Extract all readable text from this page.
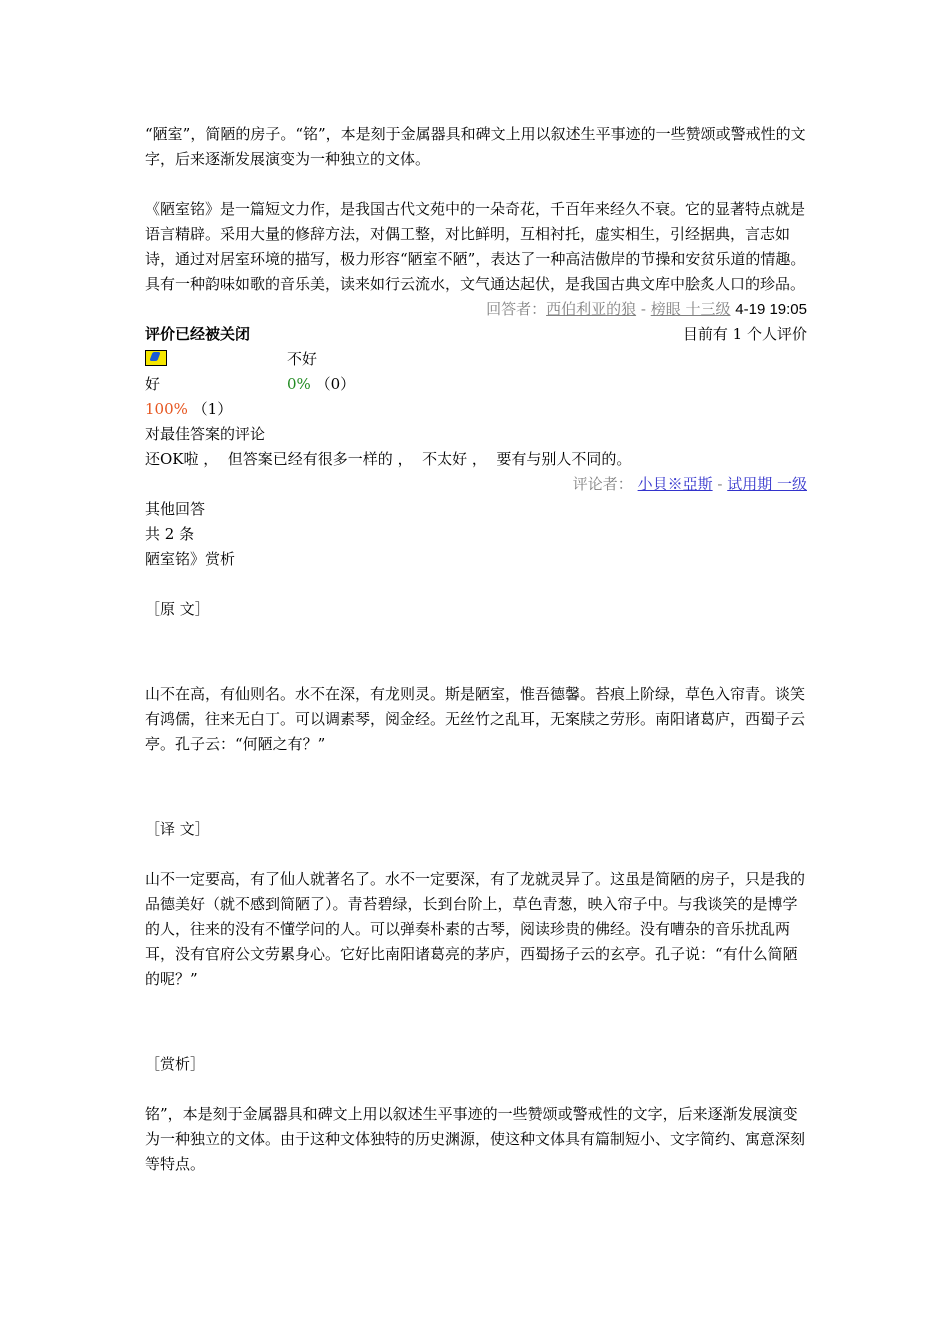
“陋室”，简陋的房子。“铭”，本是刻于金属器具和碑文上用以叙述生平事迹的一些赞颂或警戒性的文字，后来逐渐发展演变为一种独立的文体。

《陋室铭》是一篇短文力作，是我国古代文苑中的一朵奇花，千百年来经久不衰。它的显著特点就是语言精辟。采用大量的修辞方法，对偶工整，对比鲜明，互相衬托，虚实相生，引经据典，言志如诗，通过对居室环境的描写，极力形容“陋室不陋”，表达了一种高洁傲岸的节操和安贫乐道的情趣。具有一种韵味如歌的音乐美，读来如行云流水，文气通达起伏，是我国古典文库中脍炙人口的珍品。

回答者：西伯利亚的狼 - 榜眼 十三级 4-19 19:05
评价已经被关闭	目前有 1 个人评价
不好
好	0% （0）
100% （1）

对最佳答案的评论

还OK啦 ，  但答案已经有很多一样的 ，  不太好 ，  要有与别人不同的。

评论者： 小貝※亞斯 - 试用期 一级

其他回答

共 2 条

陋室铭》赏析

［原 文］

山不在高，有仙则名。水不在深，有龙则灵。斯是陋室，惟吾德馨。苔痕上阶绿，草色入帘青。谈笑有鸿儒，往来无白丁。可以调素琴，阅金经。无丝竹之乱耳，无案牍之劳形。南阳诸葛庐，西蜀子云亭。孔子云：“何陋之有？”

［译 文］

山不一定要高，有了仙人就著名了。水不一定要深，有了龙就灵异了。这虽是简陋的房子，只是我的品德美好（就不感到简陋了）。青苔碧绿，长到台阶上，草色青葱，映入帘子中。与我谈笑的是博学的人，往来的没有不懂学问的人。可以弹奏朴素的古琴，阅读珍贵的佛经。没有嘈杂的音乐扰乱两耳，没有官府公文劳累身心。它好比南阳诸葛亮的茅庐，西蜀扬子云的玄亭。孔子说：“有什么简陋的呢？”

［赏析］

铭”，本是刻于金属器具和碑文上用以叙述生平事迹的一些赞颂或警戒性的文字，后来逐渐发展演变为一种独立的文体。由于这种文体独特的历史渊源，使这种文体具有篇制短小、文字简约、寓意深刻等特点。
